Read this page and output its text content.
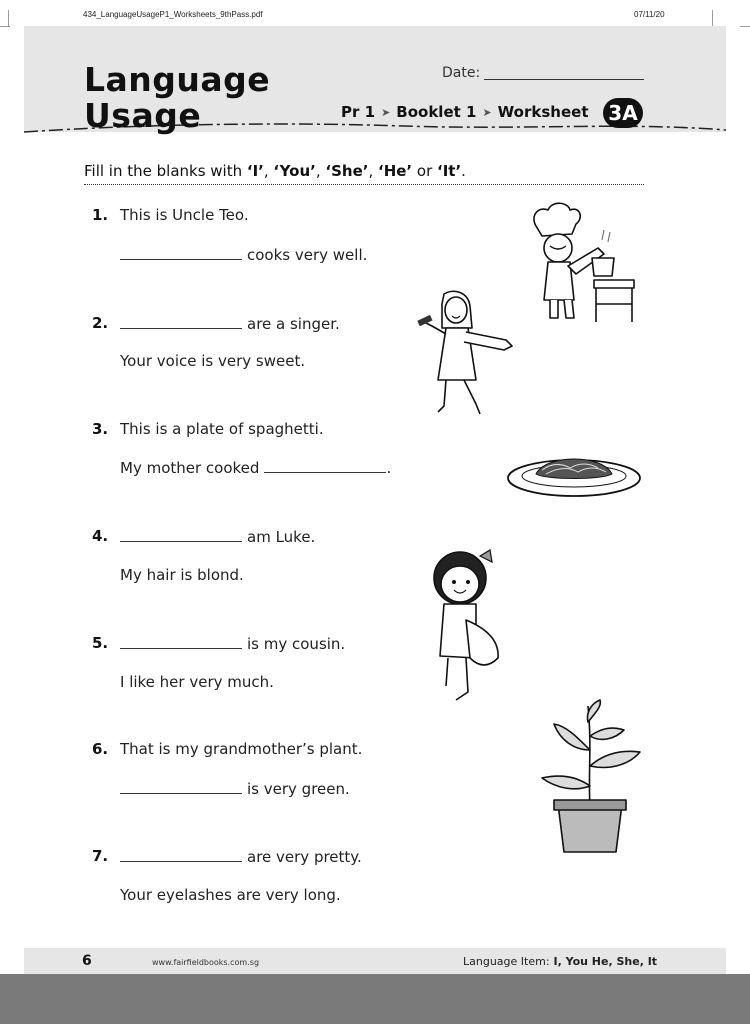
434_LanguageUsageP1_Worksheets_9thPass.pdf	07/11/20
Language
Usage
Date:
Pr 1 ➤ Booklet 1 ➤ Worksheet 3A
Fill in the blanks with ‘I’, ‘You’, ‘She’, ‘He’ or ‘It’.
1. This is Uncle Teo.
cooks very well.
2.	are a singer.
Your voice is very sweet.
3. This is a plate of spaghetti.
My mother cooked	.
4.	am Luke.
My hair is blond.
5.	is my cousin.
I like her very much.
6. That is my grandmother’s plant.
is very green.
7.	are very pretty.
Your eyelashes are very long.
6	www.fairfieldbooks.com.sg	Language Item: I, You He, She, It
